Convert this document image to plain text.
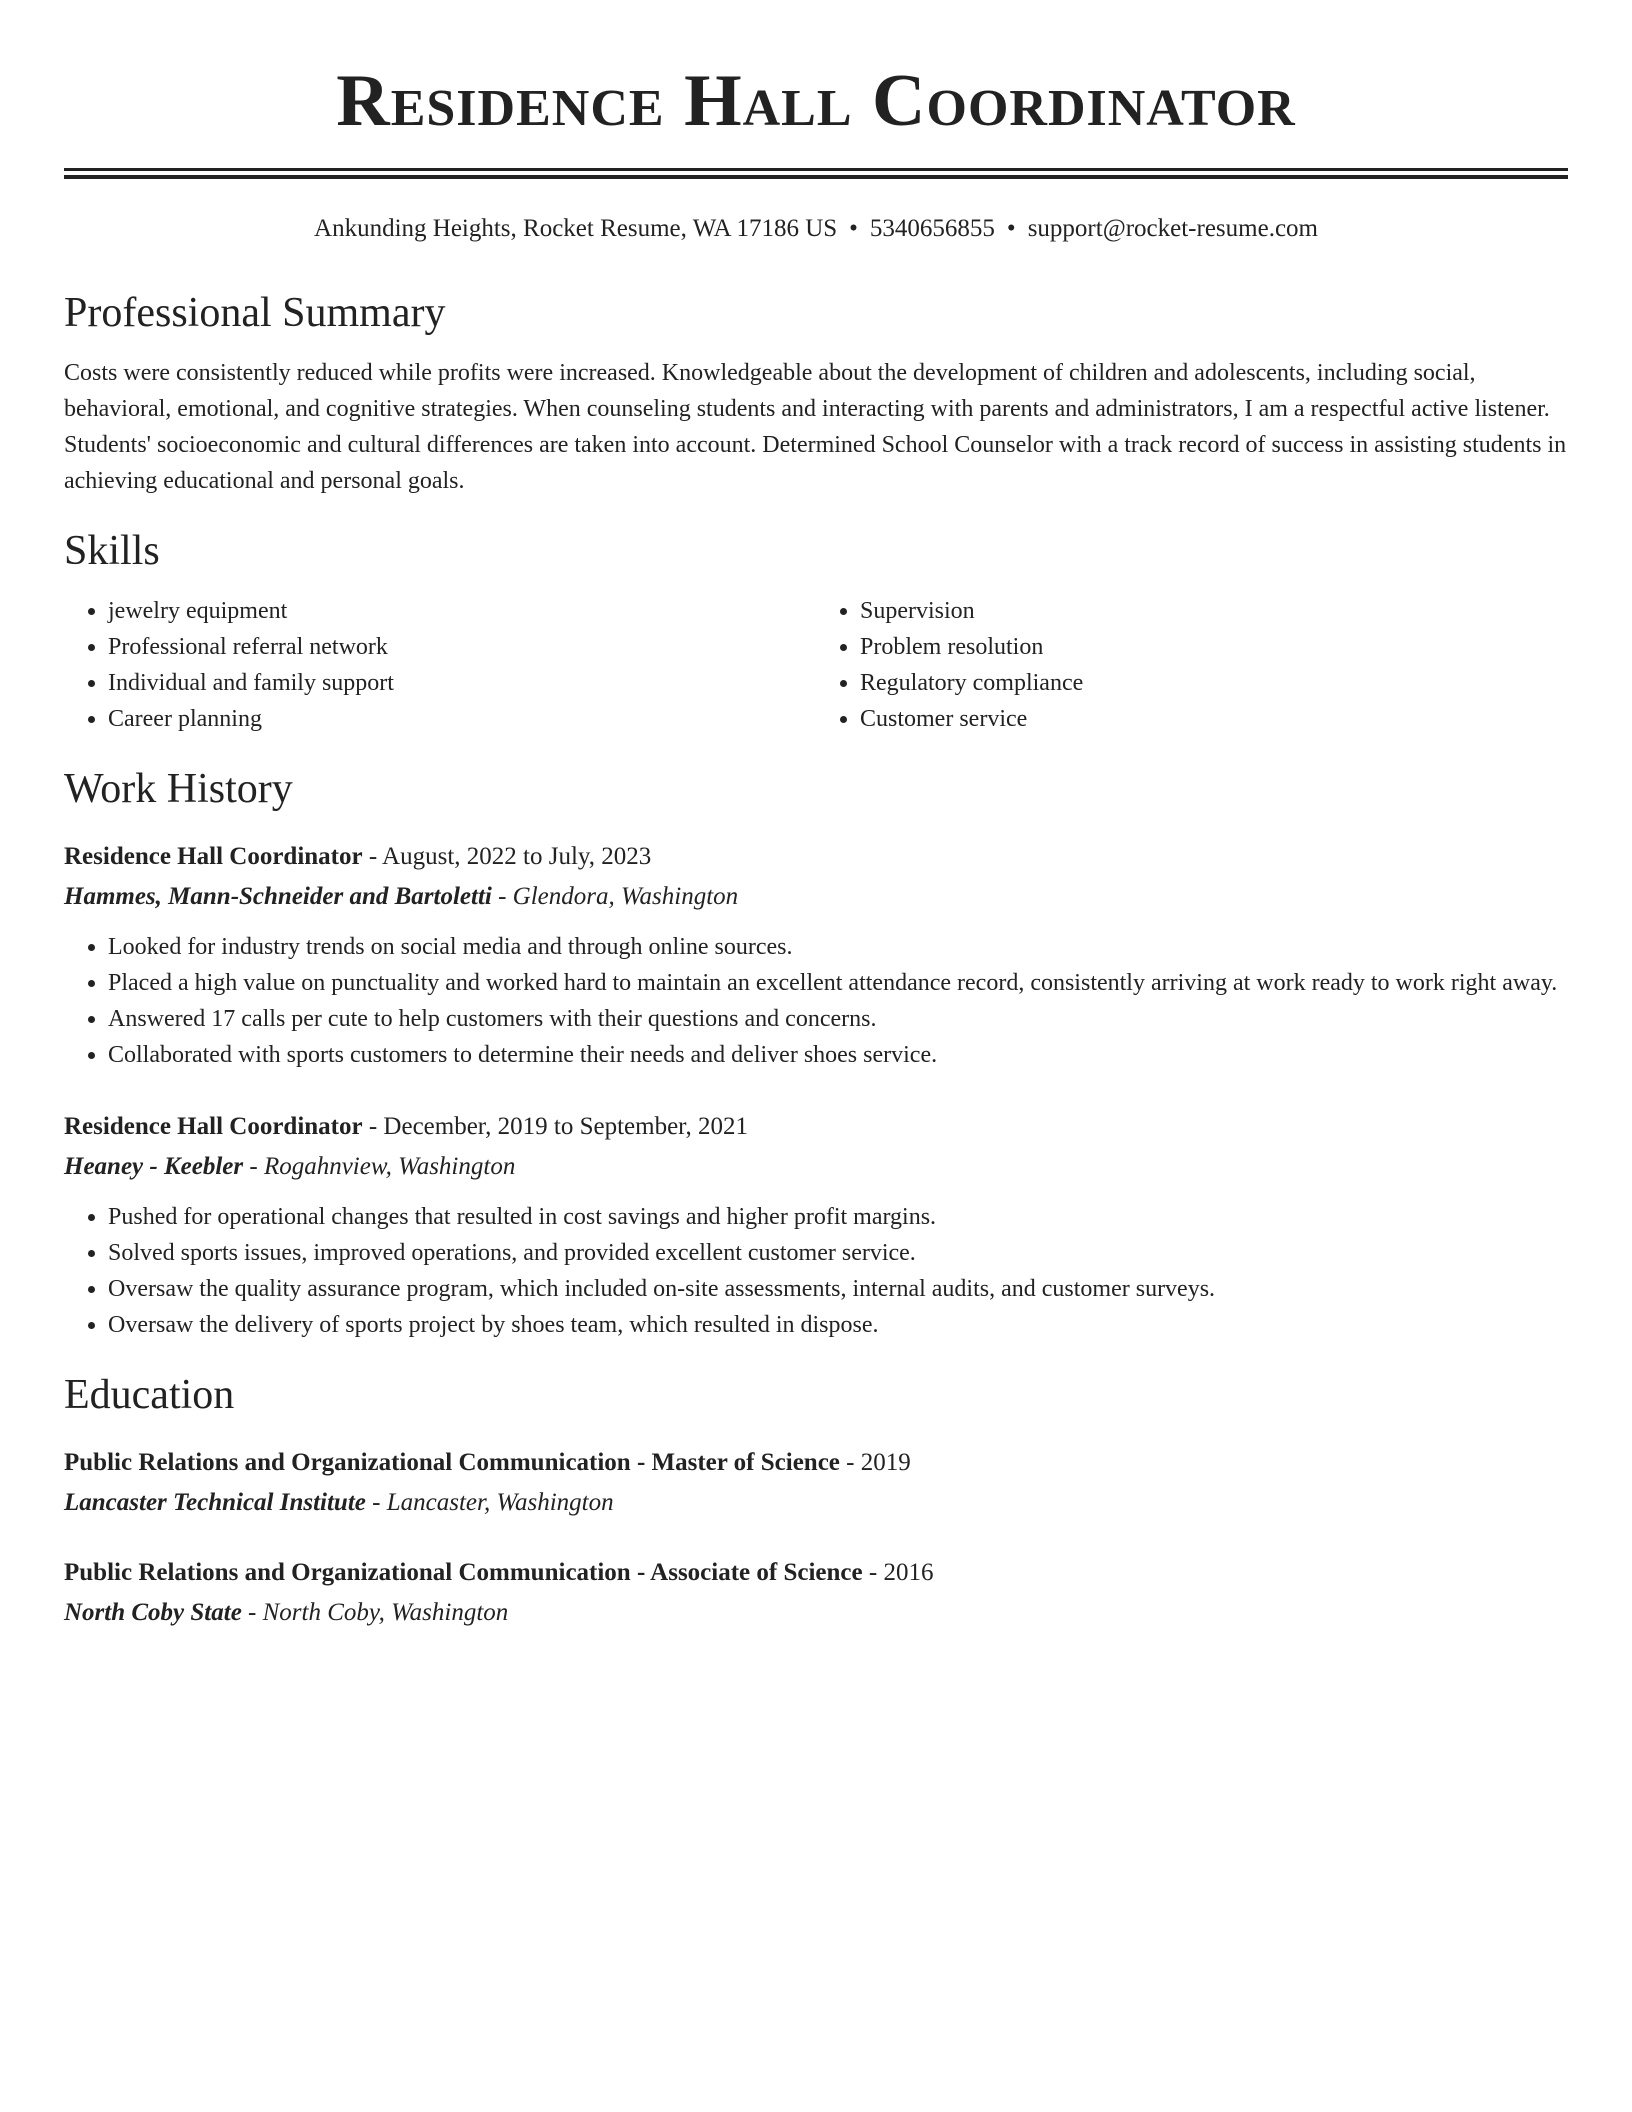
Residence Hall Coordinator
Ankunding Heights, Rocket Resume, WA 17186 US • 5340656855 • support@rocket-resume.com
Professional Summary

Costs were consistently reduced while profits were increased. Knowledgeable about the development of children and adolescents, including social, behavioral, emotional, and cognitive strategies. When counseling students and interacting with parents and administrators, I am a respectful active listener. Students' socioeconomic and cultural differences are taken into account. Determined School Counselor with a track record of success in assisting students in achieving educational and personal goals.

Skills
• jewelry equipment
• Professional referral network
• Individual and family support
• Career planning
• Supervision
• Problem resolution
• Regulatory compliance
• Customer service
Work History
Residence Hall Coordinator - August, 2022 to July, 2023
Hammes, Mann-Schneider and Bartoletti - Glendora, Washington
• Looked for industry trends on social media and through online sources.
• Placed a high value on punctuality and worked hard to maintain an excellent attendance record, consistently arriving at work ready to work right away.
• Answered 17 calls per cute to help customers with their questions and concerns.
• Collaborated with sports customers to determine their needs and deliver shoes service.
Residence Hall Coordinator - December, 2019 to September, 2021
Heaney - Keebler - Rogahnview, Washington
• Pushed for operational changes that resulted in cost savings and higher profit margins.
• Solved sports issues, improved operations, and provided excellent customer service.
• Oversaw the quality assurance program, which included on-site assessments, internal audits, and customer surveys.
• Oversaw the delivery of sports project by shoes team, which resulted in dispose.
Education
Public Relations and Organizational Communication - Master of Science - 2019
Lancaster Technical Institute - Lancaster, Washington
Public Relations and Organizational Communication - Associate of Science - 2016
North Coby State - North Coby, Washington
